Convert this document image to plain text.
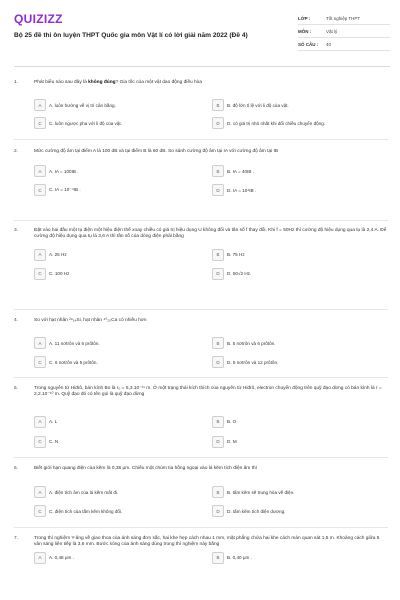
QUIZIZZ
Bộ 25 đề thi ôn luyện THPT Quốc gia môn Vật lí có lời giải năm 2022 (Đề 4)
LỚP :	Tốt nghiệp THPT
MÔN :	Vật lý
SỐ CÂU :	40
1.	Phát biểu nào sau đây là không đúng? Gia tốc của một vật dao động điều hòa
A	A. luôn hướng về vị trí cân bằng.	B	B. độ lớn tỉ lệ với li độ của vật.
C	C. luôn ngược pha với li độ của vật.	D	D. có giá trị nhỏ nhất khi đổi chiều chuyển động.
2.	Mức cường độ âm tại điểm A là 100 dB và tại điểm B là 60 dB. So sánh cường độ âm tại IA với cường độ âm tại IB
A	A. IA = 100IB .	B	B. IA = 40IB .
C	C. IA = 10⁻⁴IB .	D	D. IA = 10⁴IB .
3.	Đặt vào hai đầu một tụ điện một hiệu điện thế xoay chiều có giá trị hiệu dụng U không đổi và tần số f thay đổi. Khi f = 50Hz thì cường độ hiệu dụng qua tụ là 2,4 A. Để cường độ hiệu dụng qua tụ là 3,6 A thì tần số của dòng điện phải bằng
A	A. 25 Hz	B	B. 75 Hz
C	C. 100 Hz	D	D. 50√2 Hz.
4.	So với hạt nhân ²⁹₁₄Si, hạt nhân ⁴⁰₂₀Ca có nhiều hơn
A	A. 11 nơtrôn và 6 prôtôn.	B	B. 5 nơtrôn và 6 prôtôn.
C	C. 6 nơtrôn và 5 prôtôn.	D	D. 5 nơtrôn và 12 prôtôn.
5.	Trong nguyên tử Hiđrô, bán kính Bo là r₀ = 5,3.10⁻¹¹ m. Ở một trạng thái kích thích của nguyên tử Hiđrô, electron chuyển động trên quỹ đạo dừng có bán kính là r = 2,2.10⁻¹⁰ m. Quỹ đạo đó có tên gọi là quỹ đạo dừng
A	A. L	B	B. O
C	C. N	D	D. M
6.	Biết giới hạn quang điện của kẽm là 0,35 μm. Chiếu một chùm tia hồng ngoại vào lá kẽm tích điện âm thì
A	A. điện tích âm của lá kẽm mất đi.	B	B. tấm kẽm sẽ trung hòa về điện.
C	C. điện tích của tấm kẽm không đổi.	D	D. tấm kẽm tích điện dương.
7.	Trong thí nghiệm Y-âng về giao thoa của ánh sáng đơn sắc, hai khe hẹp cách nhau 1 mm, mặt phẳng chứa hai khe cách màn quan sát 1,5 m. Khoảng cách giữa 5 vân sáng liên tiếp là 3,6 mm. Bước sóng của ánh sáng dùng trong thí nghiệm này bằng
A	A. 0,48 μm .	B	B. 0,40 μm .
